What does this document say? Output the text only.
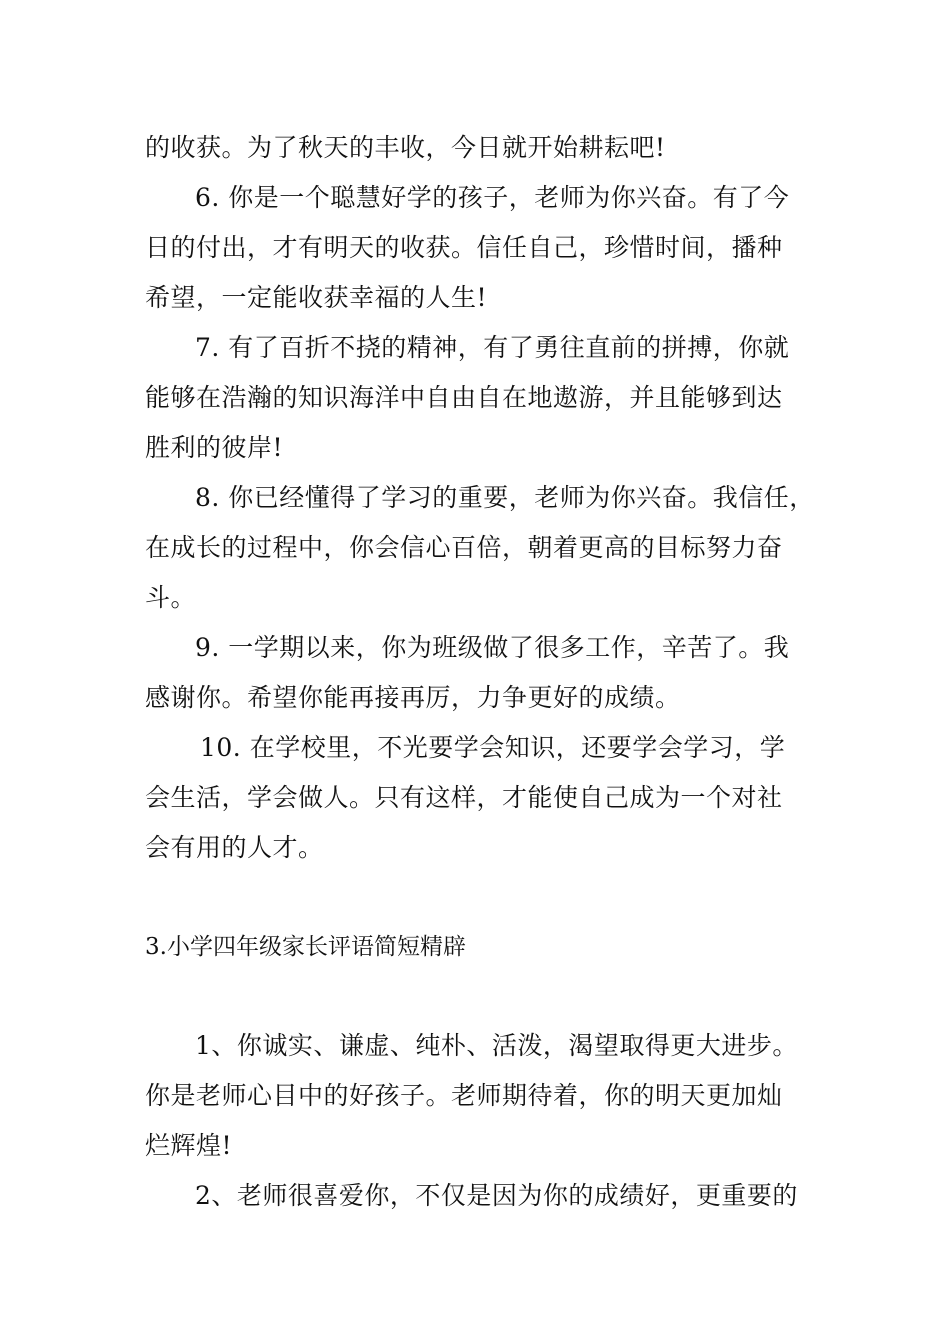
的收获。为了秋天的丰收，今日就开始耕耘吧!
6. 你是一个聪慧好学的孩子，老师为你兴奋。有了今
日的付出，才有明天的收获。信任自己，珍惜时间，播种
希望，一定能收获幸福的人生!
7. 有了百折不挠的精神，有了勇往直前的拼搏，你就
能够在浩瀚的知识海洋中自由自在地遨游，并且能够到达
胜利的彼岸!
8. 你已经懂得了学习的重要，老师为你兴奋。我信任，
在成长的过程中，你会信心百倍，朝着更高的目标努力奋
斗。
9. 一学期以来，你为班级做了很多工作，辛苦了。我
感谢你。希望你能再接再厉，力争更好的成绩。
10. 在学校里，不光要学会知识，还要学会学习，学
会生活，学会做人。只有这样，才能使自己成为一个对社
会有用的人才。
3.小学四年级家长评语简短精辟
1、你诚实、谦虚、纯朴、活泼，渴望取得更大进步。
你是老师心目中的好孩子。老师期待着，你的明天更加灿
烂辉煌!
2、老师很喜爱你，不仅是因为你的成绩好，更重要的
